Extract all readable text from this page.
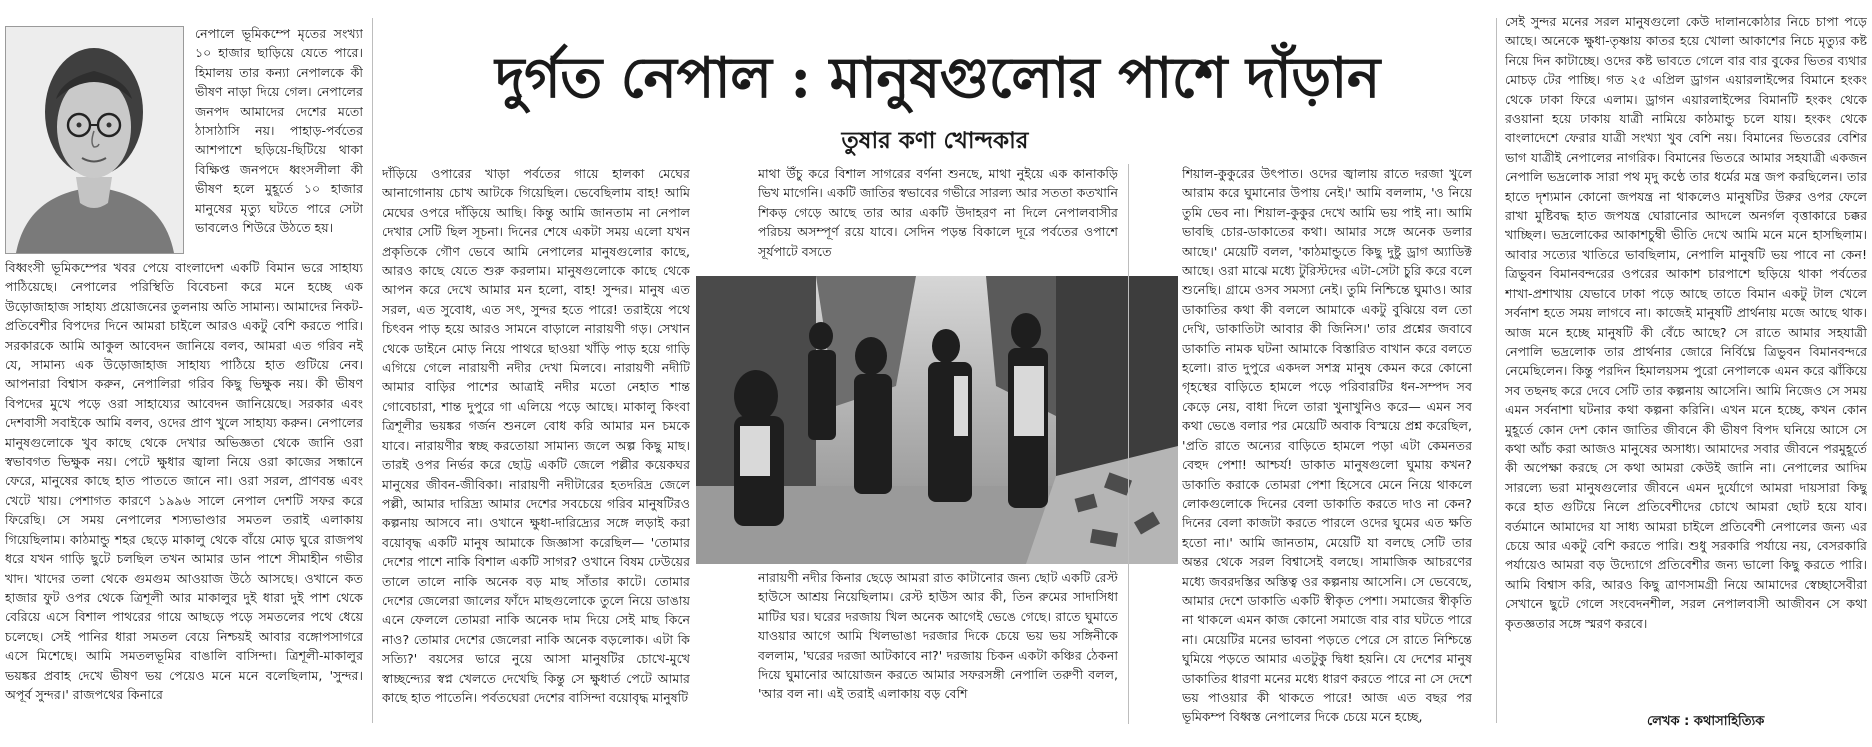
নেপালে ভূমিকম্পে মৃতের সংখ্যা ১০ হাজার ছাড়িয়ে যেতে পারে। হিমালয় তার কন্যা নেপালকে কী ভীষণ নাড়া দিয়ে গেল। নেপালের জনপদ আমাদের দেশের মতো ঠাসাঠাসি নয়। পাহাড়-পর্বতের আশপাশে ছড়িয়ে-ছিটিয়ে থাকা বিক্ষিপ্ত জনপদে ধ্বংসলীলা কী ভীষণ হলে মুহূর্তে ১০ হাজার মানুষের মৃত্যু ঘটতে পারে সেটা ভাবলেও শিউরে উঠতে হয়।

বিধ্বংসী ভূমিকম্পের খবর পেয়ে বাংলাদেশ একটি বিমান ভরে সাহায্য পাঠিয়েছে। নেপালের পরিস্থিতি বিবেচনা করে মনে হচ্ছে এক উড়োজাহাজ সাহায্য প্রয়োজনের তুলনায় অতি সামান্য। আমাদের নিকট-প্রতিবেশীর বিপদের দিনে আমরা চাইলে আরও একটু বেশি করতে পারি। সরকারকে আমি আকুল আবেদন জানিয়ে বলব, আমরা এত গরিব নই যে, সামান্য এক উড়োজাহাজ সাহায্য পাঠিয়ে হাত গুটিয়ে নেব। আপনারা বিশ্বাস করুন, নেপালিরা গরিব কিছু ভিক্ষুক নয়। কী ভীষণ বিপদের মুখে পড়ে ওরা সাহায্যের আবেদন জানিয়েছে। সরকার এবং দেশবাসী সবাইকে আমি বলব, ওদের প্রাণ খুলে সাহায্য করুন। নেপালের মানুষগুলোকে খুব কাছে থেকে দেখার অভিজ্ঞতা থেকে জানি ওরা স্বভাবগত ভিক্ষুক নয়। পেটে ক্ষুধার জ্বালা নিয়ে ওরা কাজের সন্ধানে ফেরে, মানুষের কাছে হাত পাততে জানে না। ওরা সরল, প্রাণবন্ত এবং খেটে খায়। পেশাগত কারণে ১৯৯৬ সালে নেপাল দেশটি সফর করে ফিরেছি। সে সময় নেপালের শস্যভাণ্ডার সমতল তরাই এলাকায় গিয়েছিলাম। কাঠমান্ডু শহর ছেড়ে মাকালু থেকে বাঁয়ে মোড় ঘুরে রাজপথ ধরে যখন গাড়ি ছুটে চলছিল তখন আমার ডান পাশে সীমাহীন গভীর খাদ। খাদের তলা থেকে গুমগুম আওয়াজ উঠে আসছে। ওখানে কত হাজার ফুট ওপর থেকে ত্রিশূলী আর মাকালুর দুই ধারা দুই পাশ থেকে বেরিয়ে এসে বিশাল পাথরের গায়ে আছড়ে পড়ে সমতলের পথে ধেয়ে চলেছে। সেই পানির ধারা সমতল বেয়ে নিশ্চয়ই আবার বঙ্গোপসাগরে এসে মিশেছে। আমি সমতলভূমির বাঙালি বাসিন্দা। ত্রিশূলী-মাকালুর ভয়ঙ্কর প্রবাহ দেখে ভীষণ ভয় পেয়েও মনে মনে বলেছিলাম, 'সুন্দর। অপূর্ব সুন্দর।' রাজপথের কিনারে

দুর্গত নেপাল : মানুষগুলোর পাশে দাঁড়ান
তুষার কণা খোন্দকার

দাঁড়িয়ে ওপারের খাড়া পর্বতের গায়ে হালকা মেঘের আনাগোনায় চোখ আটকে গিয়েছিল। ভেবেছিলাম বাহ! আমি মেঘের ওপরে দাঁড়িয়ে আছি। কিন্তু আমি জানতাম না নেপাল দেখার সেটি ছিল সূচনা। দিনের শেষে একটা সময় এলো যখন প্রকৃতিকে গৌণ ভেবে আমি নেপালের মানুষগুলোর কাছে, আরও কাছে যেতে শুরু করলাম। মানুষগুলোকে কাছে থেকে আপন করে দেখে আমার মন হলো, বাহ! সুন্দর। মানুষ এত সরল, এত সুবোধ, এত সৎ, সুন্দর হতে পারে! তরাইয়ে পথে চিৎবন পাড় হয়ে আরও সামনে বাড়ালে নারায়ণী গড়। সেখান থেকে ডাইনে মোড় নিয়ে পাথরে ছাওয়া খাঁড়ি পাড় হয়ে গাড়ি এগিয়ে গেলে নারায়ণী নদীর দেখা মিলবে। নারায়ণী নদীটি আমার বাড়ির পাশের আত্রাই নদীর মতো নেহাত শান্ত গোবেচারা, শান্ত দুপুরে গা এলিয়ে পড়ে আছে। মাকালু কিংবা ত্রিশূলীর ভয়ঙ্কর গর্জন শুনলে বোধ করি আমার মন চমকে যাবে। নারায়ণীর স্বচ্ছ করতোয়া সামান্য জলে অল্প কিছু মাছ। তারই ওপর নির্ভর করে ছোট্ট একটি জেলে পল্লীর কয়েকঘর মানুষের জীবন-জীবিকা। নারায়ণী নদীটারের হতদরিদ্র জেলে পল্লী, আমার দারিদ্র্য আমার দেশের সবচেয়ে গরিব মানুষটিরও কল্পনায় আসবে না। ওখানে ক্ষুধা-দারিদ্র্যের সঙ্গে লড়াই করা বয়োবৃদ্ধ একটি মানুষ আমাকে জিজ্ঞাসা করেছিল— 'তোমার দেশের পাশে নাকি বিশাল একটি সাগর? ওখানে বিষম ঢেউয়ের তালে তালে নাকি অনেক বড় মাছ সাঁতার কাটে। তোমার দেশের জেলেরা জালের ফাঁদে মাছগুলোকে তুলে নিয়ে ডাঙায় এনে ফেললে তোমরা নাকি অনেক দাম দিয়ে সেই মাছ কিনে নাও? তোমার দেশের জেলেরা নাকি অনেক বড়লোক। এটা কি সত্যি?' বয়সের ভারে নুয়ে আসা মানুষটির চোখে-মুখে স্বাচ্ছন্দ্যের স্বপ্ন খেলতে দেখেছি কিন্তু সে ক্ষুধার্ত পেটে আমার কাছে হাত পাতেনি। পর্বতঘেরা দেশের বাসিন্দা বয়োবৃদ্ধ মানুষটি

মাথা উঁচু করে বিশাল সাগরের বর্ণনা শুনছে, মাথা নুইয়ে এক কানাকড়ি ভিখ মাগেনি। একটি জাতির স্বভাবের গভীরে সারল্য আর সততা কতখানি শিকড় গেড়ে আছে তার আর একটি উদাহরণ না দিলে নেপালবাসীর পরিচয় অসম্পূর্ণ রয়ে যাবে। সেদিন পড়ন্ত বিকালে দূরে পর্বতের ওপাশে সূর্যপাটে বসতে

নারায়ণী নদীর কিনার ছেড়ে আমরা রাত কাটানোর জন্য ছোট একটি রেস্ট হাউসে আশ্রয় নিয়েছিলাম। রেস্ট হাউস আর কী, তিন রুমের সাদাসিধা মাটির ঘর। ঘরের দরজায় খিল অনেক আগেই ভেঙে গেছে। রাতে ঘুমাতে যাওয়ার আগে আমি খিলভাঙা দরজার দিকে চেয়ে ভয় ভয় সঙ্গিনীকে বললাম, 'ঘরের দরজা আটকাবে না?' দরজায় চিকন একটা কঞ্চির ঠেকনা দিয়ে ঘুমানোর আয়োজন করতে আমার সফরসঙ্গী নেপালি তরুণী বলল, 'আর বল না। এই তরাই এলাকায় বড় বেশি

শিয়াল-কুকুরের উৎপাত। ওদের জ্বালায় রাতে দরজা খুলে আরাম করে ঘুমানোর উপায় নেই।' আমি বললাম, 'ও নিয়ে তুমি ভেব না। শিয়াল-কুকুর দেখে আমি ভয় পাই না। আমি ভাবছি চোর-ডাকাতের কথা। আমার সঙ্গে অনেক ডলার আছে।' মেয়েটি বলল, 'কাঠমান্ডুতে কিছু দুষ্টু ড্রাগ অ্যাডিক্ট আছে। ওরা মাঝে মধ্যে টুরিস্টদের এটা-সেটা চুরি করে বলে শুনেছি। গ্রামে ওসব সমস্যা নেই। তুমি নিশ্চিন্তে ঘুমাও। আর ডাকাতির কথা কী বললে আমাকে একটু বুঝিয়ে বল তো দেখি, ডাকাতিটা আবার কী জিনিস।' তার প্রশ্নের জবাবে ডাকাতি নামক ঘটনা আমাকে বিস্তারিত বাখান করে বলতে হলো। রাত দুপুরে একদল সশস্ত্র মানুষ কেমন করে কোনো গৃহস্থের বাড়িতে হামলে পড়ে পরিবারটির ধন-সম্পদ সব কেড়ে নেয়, বাধা দিলে তারা খুনাখুনিও করে— এমন সব কথা ভেঙে বলার পর মেয়েটি অবাক বিস্ময়ে প্রশ্ন করেছিল, 'প্রতি রাতে অন্যের বাড়িতে হামলে পড়া এটা কেমনতর বেহুদ পেশা! আশ্চর্য! ডাকাত মানুষগুলো ঘুমায় কখন? ডাকাতি করাকে তোমরা পেশা হিসেবে মেনে নিয়ে থাকলে লোকগুলোকে দিনের বেলা ডাকাতি করতে দাও না কেন? দিনের বেলা কাজটা করতে পারলে ওদের ঘুমের এত ক্ষতি হতো না।' আমি জানতাম, মেয়েটি যা বলছে সেটি তার অন্তর থেকে সরল বিশ্বাসেই বলছে। সামাজিক আচরণের মধ্যে জবরদস্তির অস্তিত্ব ওর কল্পনায় আসেনি। সে ভেবেছে, আমার দেশে ডাকাতি একটি স্বীকৃত পেশা। সমাজের স্বীকৃতি না থাকলে এমন কাজ কোনো সমাজে বার বার ঘটতে পারে না। মেয়েটির মনের ভাবনা পড়তে পেরে সে রাতে নিশ্চিন্তে ঘুমিয়ে পড়তে আমার এতটুকু দ্বিধা হয়নি। যে দেশের মানুষ ডাকাতির ধারণা মনের মধ্যে ধারণ করতে পারে না সে দেশে ভয় পাওয়ার কী থাকতে পারে! আজ এত বছর পর ভূমিকম্প বিধ্বস্ত নেপালের দিকে চেয়ে মনে হচ্ছে,

সেই সুন্দর মনের সরল মানুষগুলো কেউ দালানকোঠার নিচে চাপা পড়ে আছে। অনেকে ক্ষুধা-তৃষ্ণায় কাতর হয়ে খোলা আকাশের নিচে মৃত্যুর কষ্ট নিয়ে দিন কাটাচ্ছে। ওদের কষ্ট ভাবতে গেলে বার বার বুকের ভিতর ব্যথার মোচড় টের পাচ্ছি। গত ২৫ এপ্রিল ড্রাগন এয়ারলাইন্সের বিমানে হংকং থেকে ঢাকা ফিরে এলাম। ড্রাগন এয়ারলাইন্সের বিমানটি হংকং থেকে রওয়ানা হয়ে ঢাকায় যাত্রী নামিয়ে কাঠমান্ডু চলে যায়। হংকং থেকে বাংলাদেশে ফেরার যাত্রী সংখ্যা খুব বেশি নয়। বিমানের ভিতরের বেশির ভাগ যাত্রীই নেপালের নাগরিক। বিমানের ভিতরে আমার সহযাত্রী একজন নেপালি ভদ্রলোক সারা পথ মৃদু কণ্ঠে তার ধর্মের মন্ত্র জপ করছিলেন। তার হাতে দৃশ্যমান কোনো জপযন্ত্র না থাকলেও মানুষটির উরুর ওপর ফেলে রাখা মুষ্টিবদ্ধ হাত জপযন্ত্র ঘোরানোর আদলে অনর্গল বৃত্তাকারে চক্কর খাচ্ছিল। ভদ্রলোকের আকাশচুম্বী ভীতি দেখে আমি মনে মনে হাসছিলাম। আবার সত্যের খাতিরে ভাবছিলাম, নেপালি মানুষটি ভয় পাবে না কেন! ত্রিভুবন বিমানবন্দরের ওপরের আকাশ চারপাশে ছড়িয়ে থাকা পর্বতের শাখা-প্রশাখায় যেভাবে ঢাকা পড়ে আছে তাতে বিমান একটু টাল খেলে সর্বনাশ হতে সময় লাগবে না। কাজেই মানুষটি প্রার্থনায় মজে আছে থাক। আজ মনে হচ্ছে মানুষটি কী বেঁচে আছে? সে রাতে আমার সহযাত্রী নেপালি ভদ্রলোক তার প্রার্থনার জোরে নির্বিঘ্নে ত্রিভুবন বিমানবন্দরে নেমেছিলেন। কিন্তু পরদিন হিমালয়সম পুরো নেপালকে এমন করে ঝাঁকিয়ে সব তছনছ করে দেবে সেটি তার কল্পনায় আসেনি। আমি নিজেও সে সময় এমন সর্বনাশা ঘটনার কথা কল্পনা করিনি। এখন মনে হচ্ছে, কখন কোন মুহূর্তে কোন দেশ কোন জাতির জীবনে কী ভীষণ বিপদ ঘনিয়ে আসে সে কথা আঁচ করা আজও মানুষের অসাধ্য। আমাদের সবার জীবনে পরমুহূর্তে কী অপেক্ষা করছে সে কথা আমরা কেউই জানি না। নেপালের আদিম সারল্যে ভরা মানুষগুলোর জীবনে এমন দুর্যোগে আমরা দায়সারা কিছু করে হাত গুটিয়ে নিলে প্রতিবেশীদের চোখে আমরা ছোট হয়ে যাব। বর্তমানে আমাদের যা সাধ্য আমরা চাইলে প্রতিবেশী নেপালের জন্য এর চেয়ে আর একটু বেশি করতে পারি। শুধু সরকারি পর্যায়ে নয়, বেসরকারি পর্যায়েও আমরা বড় উদ্যোগে প্রতিবেশীর জন্য ভালো কিছু করতে পারি। আমি বিশ্বাস করি, আরও কিছু ত্রাণসামগ্রী নিয়ে আমাদের স্বেচ্ছাসেবীরা সেখানে ছুটে গেলে সংবেদনশীল, সরল নেপালবাসী আজীবন সে কথা কৃতজ্ঞতার সঙ্গে স্মরণ করবে।

লেখক : কথাসাহিত্যিক
